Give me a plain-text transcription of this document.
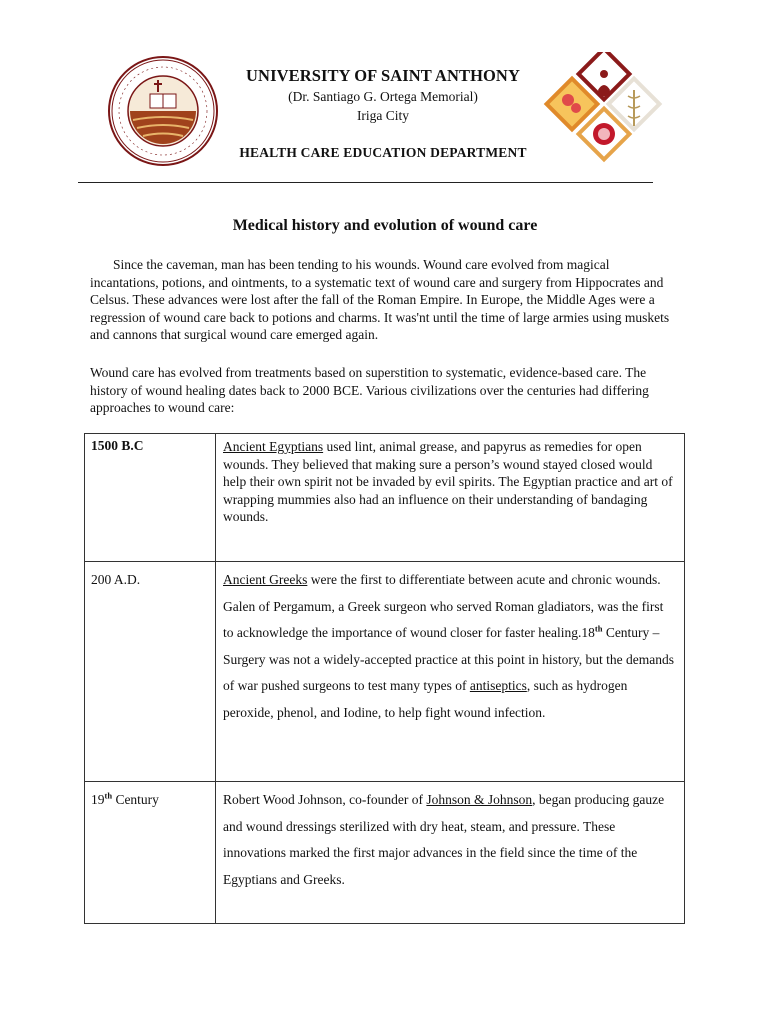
UNIVERSITY OF SAINT ANTHONY
(Dr. Santiago G. Ortega Memorial)
Iriga City
HEALTH CARE EDUCATION DEPARTMENT
Medical history and evolution of wound care

Since the caveman, man has been tending to his wounds. Wound care evolved from magical incantations, potions, and ointments, to a systematic text of wound care and surgery from Hippocrates and Celsus. These advances were lost after the fall of the Roman Empire. In Europe, the Middle Ages were a regression of wound care back to potions and charms. It was'nt until the time of large armies using muskets and cannons that surgical wound care emerged again.

Wound care has evolved from treatments based on superstition to systematic, evidence-based care. The history of wound healing dates back to 2000 BCE. Various civilizations over the centuries had differing approaches to wound care:

1500 B.C	Ancient Egyptians used lint, animal grease, and papyrus as remedies for open wounds. They believed that making sure a person’s wound stayed closed would help their own spirit not be invaded by evil spirits. The Egyptian practice and art of wrapping mummies also had an influence on their understanding of bandaging wounds.
200 A.D.	Ancient Greeks were the first to differentiate between acute and chronic wounds. Galen of Pergamum, a Greek surgeon who served Roman gladiators, was the first to acknowledge the importance of wound closer for faster healing.18th Century – Surgery was not a widely-accepted practice at this point in history, but the demands of war pushed surgeons to test many types of antiseptics, such as hydrogen peroxide, phenol, and Iodine, to help fight wound infection.
19th Century	Robert Wood Johnson, co-founder of Johnson & Johnson, began producing gauze and wound dressings sterilized with dry heat, steam, and pressure. These innovations marked the first major advances in the field since the time of the Egyptians and Greeks.
